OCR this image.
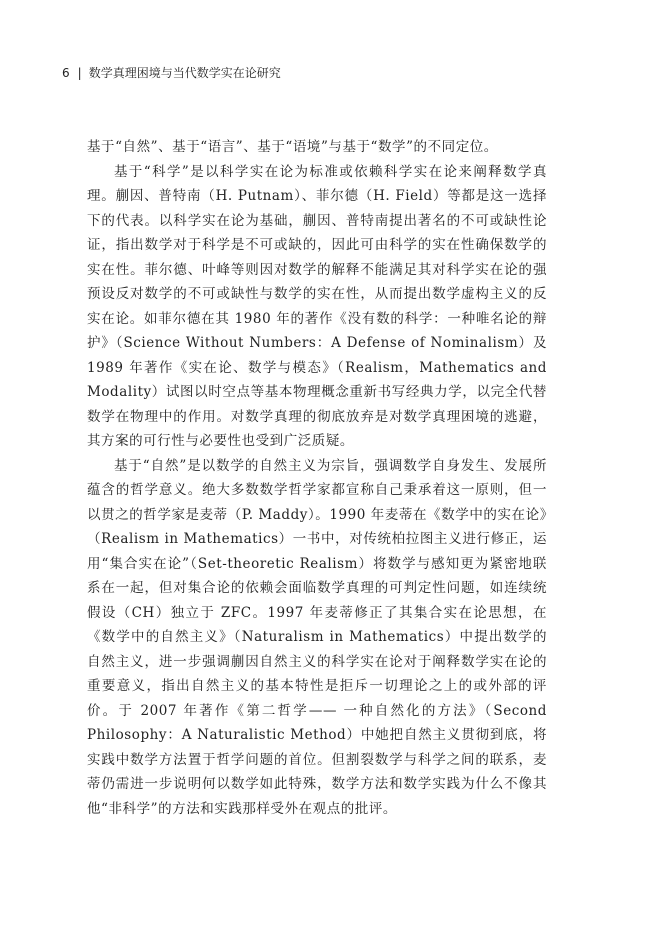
6 | 数学真理困境与当代数学实在论研究

基于“自然”、基于“语言”、基于“语境”与基于“数学”的不同定位。

基于“科学”是以科学实在论为标准或依赖科学实在论来阐释数学真理。蒯因、普特南（H. Putnam）、菲尔德（H. Field）等都是这一选择下的代表。以科学实在论为基础，蒯因、普特南提出著名的不可或缺性论证，指出数学对于科学是不可或缺的，因此可由科学的实在性确保数学的实在性。菲尔德、叶峰等则因对数学的解释不能满足其对科学实在论的强预设反对数学的不可或缺性与数学的实在性，从而提出数学虚构主义的反实在论。如菲尔德在其 1980 年的著作《没有数的科学：一种唯名论的辩护》（Science Without Numbers：A Defense of Nominalism）及 1989 年著作《实在论、数学与模态》（Realism，Mathematics and Modality）试图以时空点等基本物理概念重新书写经典力学，以完全代替数学在物理中的作用。对数学真理的彻底放弃是对数学真理困境的逃避，其方案的可行性与必要性也受到广泛质疑。

基于“自然”是以数学的自然主义为宗旨，强调数学自身发生、发展所蕴含的哲学意义。绝大多数数学哲学家都宣称自己秉承着这一原则，但一以贯之的哲学家是麦蒂（P. Maddy）。1990 年麦蒂在《数学中的实在论》（Realism in Mathematics）一书中，对传统柏拉图主义进行修正，运用“集合实在论”（Set-theoretic Realism）将数学与感知更为紧密地联系在一起，但对集合论的依赖会面临数学真理的可判定性问题，如连续统假设（CH）独立于 ZFC。1997 年麦蒂修正了其集合实在论思想，在《数学中的自然主义》（Naturalism in Mathematics）中提出数学的自然主义，进一步强调蒯因自然主义的科学实在论对于阐释数学实在论的重要意义，指出自然主义的基本特性是拒斥一切理论之上的或外部的评价。于 2007 年著作《第二哲学—— 一种自然化的方法》（Second Philosophy：A Naturalistic Method）中她把自然主义贯彻到底，将实践中数学方法置于哲学问题的首位。但割裂数学与科学之间的联系，麦蒂仍需进一步说明何以数学如此特殊，数学方法和数学实践为什么不像其他“非科学”的方法和实践那样受外在观点的批评。
